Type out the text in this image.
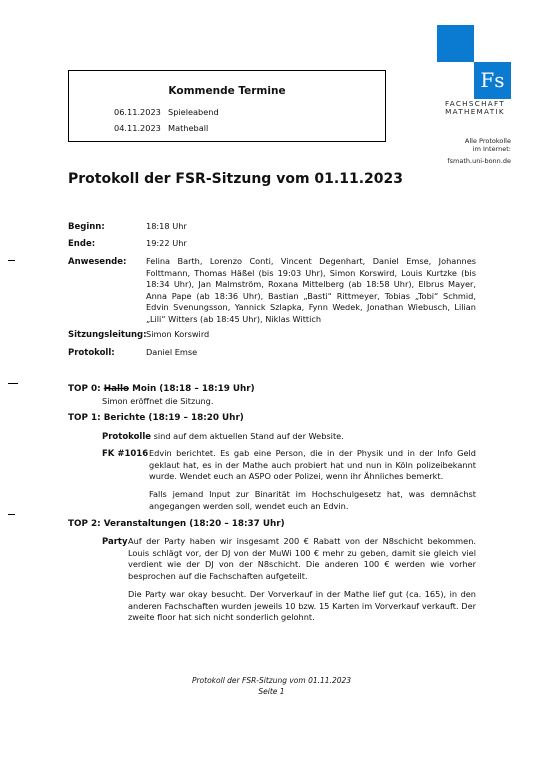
Kommende Termine
06.11.2023 Spieleabend
04.11.2023 Matheball
Fs
FACHSCHAFT
MATHEMATIK
Alle Protokolle
im Internet:
fsmath.uni-bonn.de
Protokoll der FSR-Sitzung vom 01.11.2023
Beginn:	18:18 Uhr
Ende:	19:22 Uhr
Anwesende: Felina Barth, Lorenzo Conti, Vincent Degenhart, Daniel Emse, Johannes Folttmann, Thomas Häßel (bis 19:03 Uhr), Simon Korswird, Louis Kurtzke (bis 18:34 Uhr), Jan Malmström, Roxana Mittelberg (ab 18:58 Uhr), Elbrus Mayer, Anna Pape (ab 18:36 Uhr), Bastian „Basti“ Rittmeyer, Tobias „Tobi“ Schmid, Edvin Svenungsson, Yannick Szlapka, Fynn Wedek, Jonathan Wiebusch, Lilian „Lili“ Witters (ab 18:45 Uhr), Niklas Wittich
Sitzungsleitung: Simon Korswird
Protokoll:	Daniel Emse
TOP 0: Hallo Moin (18:18 – 18:19 Uhr)
Simon eröffnet die Sitzung.
TOP 1: Berichte (18:19 – 18:20 Uhr)
Protokolle sind auf dem aktuellen Stand auf der Website.
FK #1016 Edvin berichtet. Es gab eine Person, die in der Physik und in der Info Geld geklaut hat, es in der Mathe auch probiert hat und nun in Köln polizeibekannt wurde. Wendet euch an ASPO oder Polizei, wenn ihr Ähnliches bemerkt.
Falls jemand Input zur Binarität im Hochschulgesetz hat, was demnächst angegangen werden soll, wendet euch an Edvin.
TOP 2: Veranstaltungen (18:20 – 18:37 Uhr)
Party Auf der Party haben wir insgesamt 200 € Rabatt von der N8schicht bekommen. Louis schlägt vor, der DJ von der MuWi 100 € mehr zu geben, damit sie gleich viel verdient wie der DJ von der N8schicht. Die anderen 100 € werden wie vorher besprochen auf die Fachschaften aufgeteilt.
Die Party war okay besucht. Der Vorverkauf in der Mathe lief gut (ca. 165), in den anderen Fachschaften wurden jeweils 10 bzw. 15 Karten im Vorverkauf verkauft. Der zweite floor hat sich nicht sonderlich gelohnt.
Protokoll der FSR-Sitzung vom 01.11.2023
Seite 1
